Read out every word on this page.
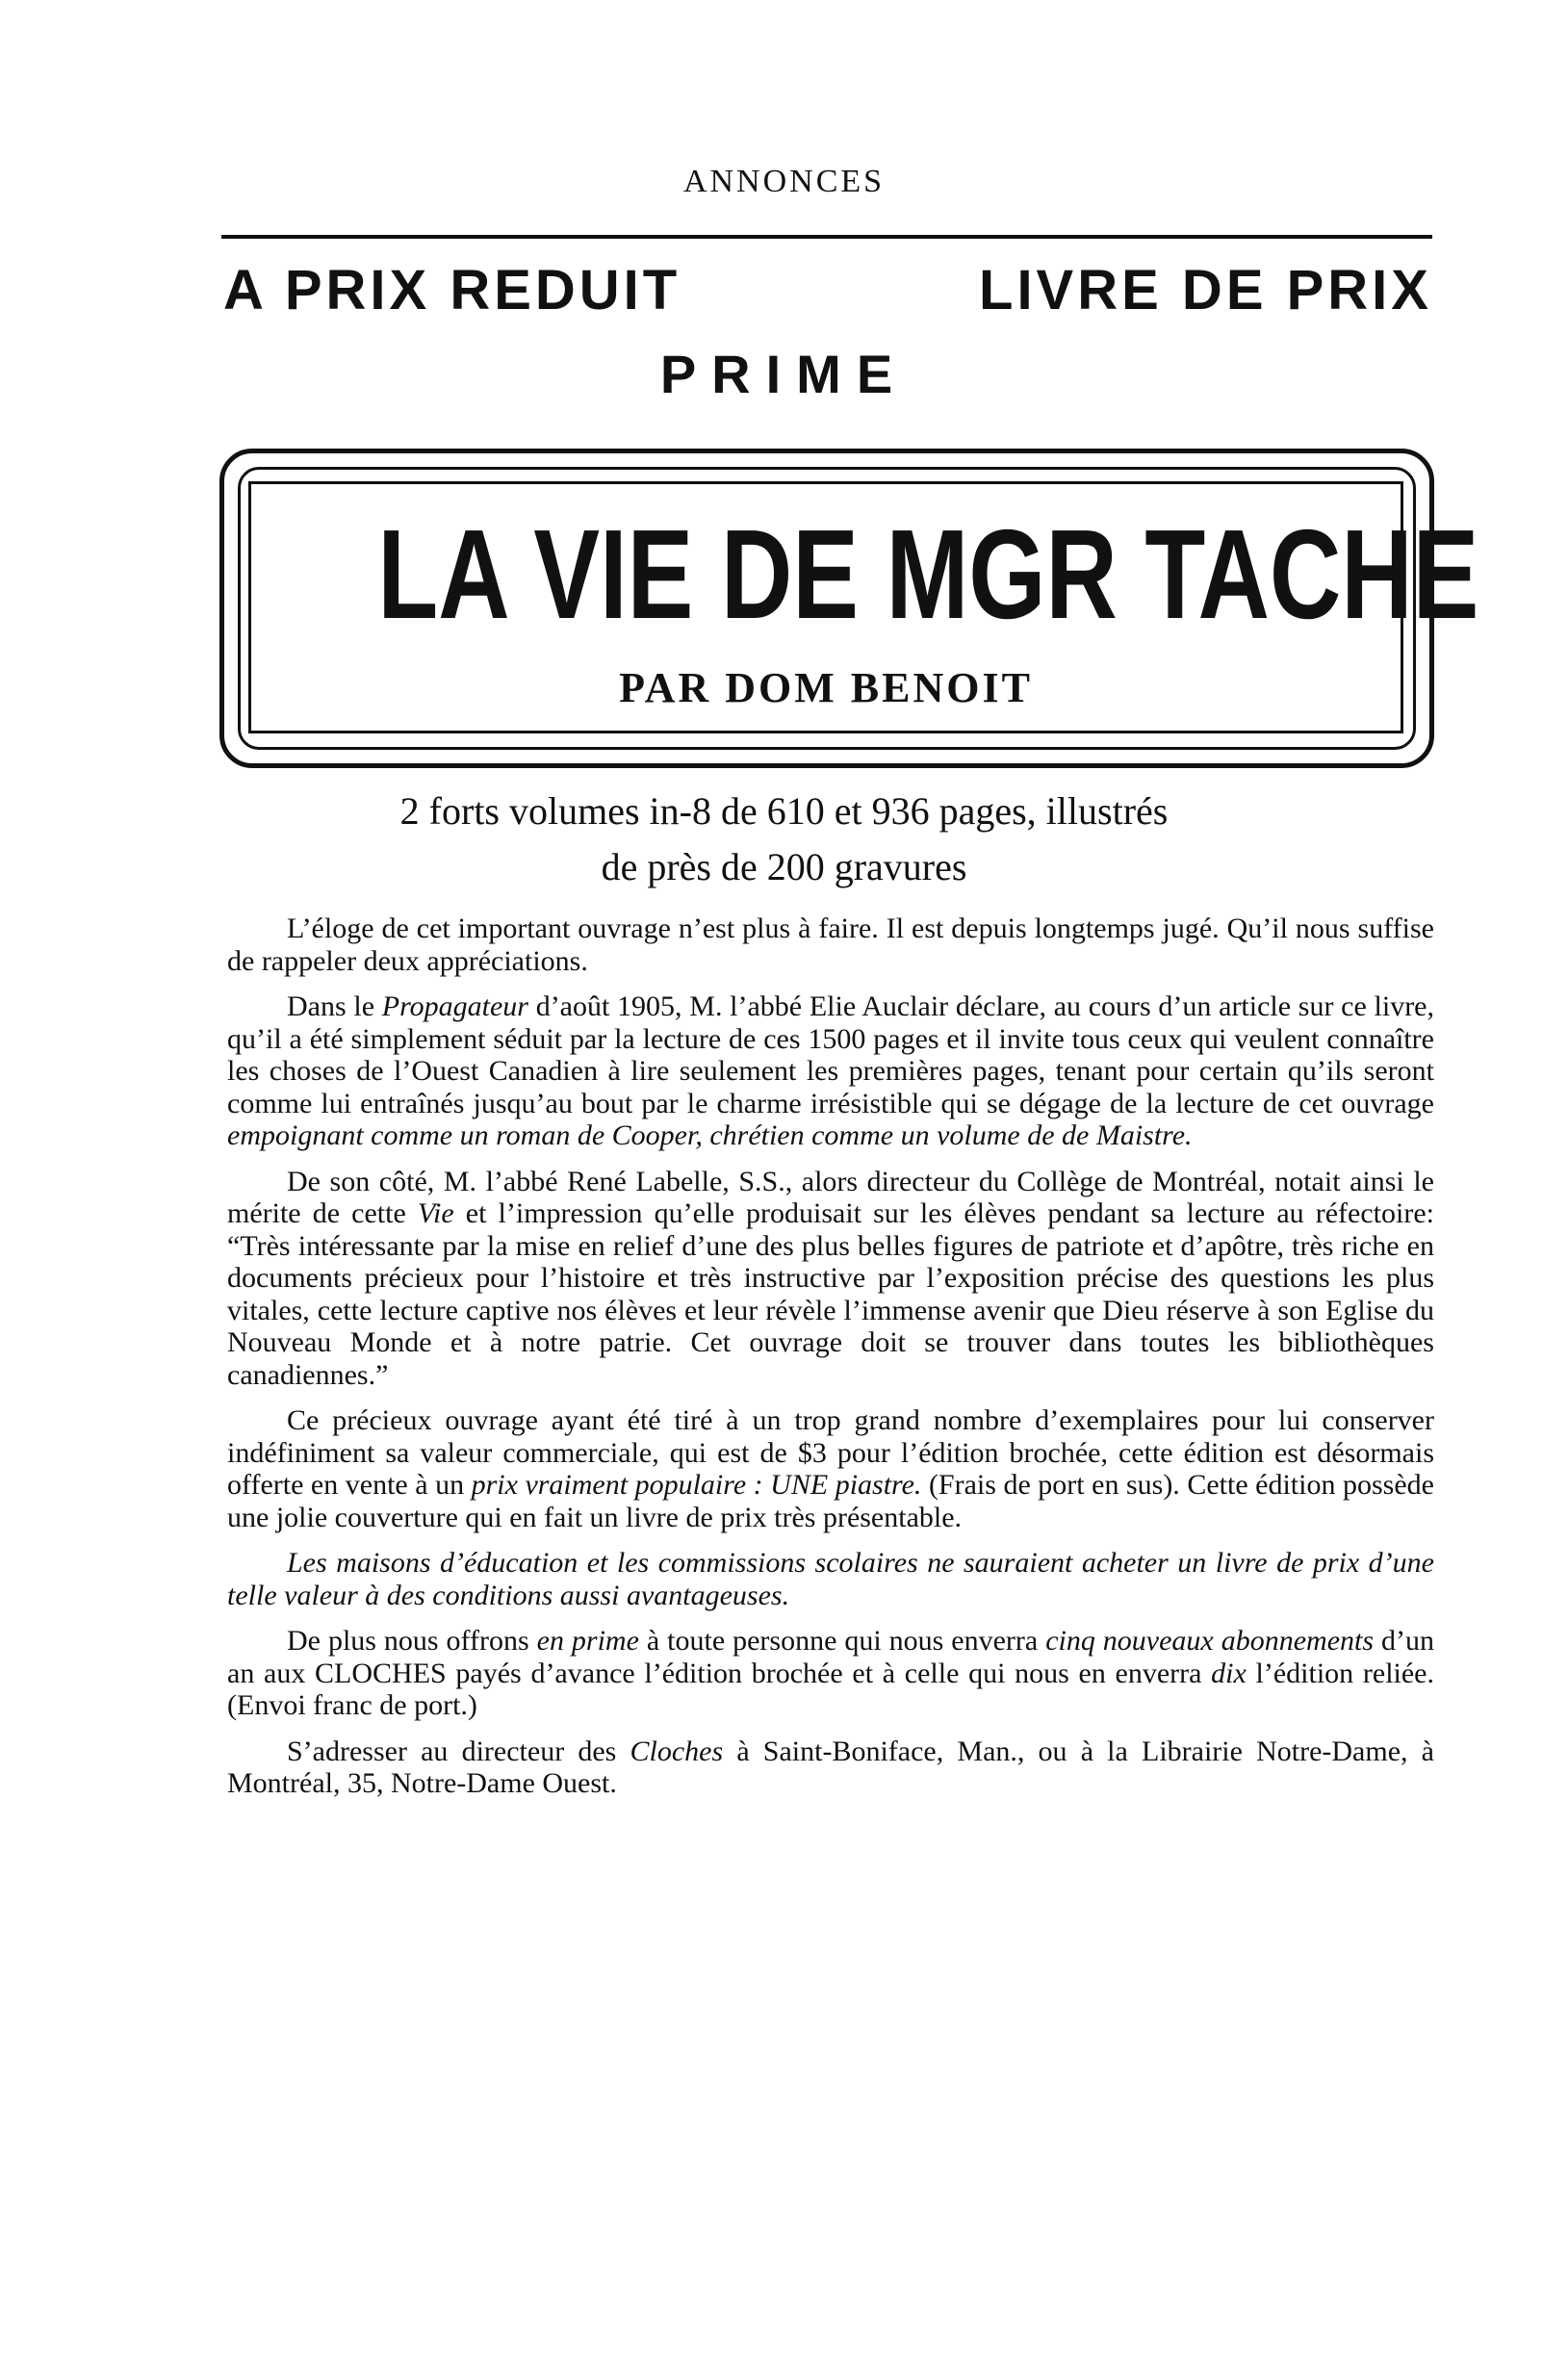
ANNONCES
A PRIX REDUIT	LIVRE DE PRIX
PRIME
LA VIE DE MGR TACHE
PAR DOM BENOIT
2 forts volumes in-8 de 610 et 936 pages, illustrés
de près de 200 gravures

L’éloge de cet important ouvrage n’est plus à faire. Il est depuis longtemps jugé. Qu’il nous suffise de rappeler deux appréciations.

Dans le Propagateur d’août 1905, M. l’abbé Elie Auclair déclare, au cours d’un article sur ce livre, qu’il a été simplement séduit par la lecture de ces 1500 pages et il invite tous ceux qui veulent connaître les choses de l’Ouest Canadien à lire seulement les premières pages, tenant pour certain qu’ils seront comme lui entraînés jusqu’au bout par le charme irrésistible qui se dégage de la lecture de cet ouvrage empoignant comme un roman de Cooper, chrétien comme un volume de de Maistre.

De son côté, M. l’abbé René Labelle, S.S., alors directeur du Collège de Montréal, notait ainsi le mérite de cette Vie et l’impression qu’elle produisait sur les élèves pendant sa lecture au réfectoire: “Très intéressante par la mise en relief d’une des plus belles figures de patriote et d’apôtre, très riche en documents précieux pour l’histoire et très instructive par l’exposition précise des questions les plus vitales, cette lecture captive nos élèves et leur révèle l’immense avenir que Dieu réserve à son Eglise du Nouveau Monde et à notre patrie. Cet ouvrage doit se trouver dans toutes les bibliothèques canadiennes.”

Ce précieux ouvrage ayant été tiré à un trop grand nombre d’exemplaires pour lui conserver indéfiniment sa valeur commerciale, qui est de $3 pour l’édition brochée, cette édition est désormais offerte en vente à un prix vraiment populaire : UNE piastre. (Frais de port en sus). Cette édition possède une jolie couverture qui en fait un livre de prix très présentable.

Les maisons d’éducation et les commissions scolaires ne sauraient acheter un livre de prix d’une telle valeur à des conditions aussi avantageuses.

De plus nous offrons en prime à toute personne qui nous enverra cinq nouveaux abonnements d’un an aux CLOCHES payés d’avance l’édition brochée et à celle qui nous en enverra dix l’édition reliée. (Envoi franc de port.)

S’adresser au directeur des Cloches à Saint-Boniface, Man., ou à la Librairie Notre-Dame, à Montréal, 35, Notre-Dame Ouest.
